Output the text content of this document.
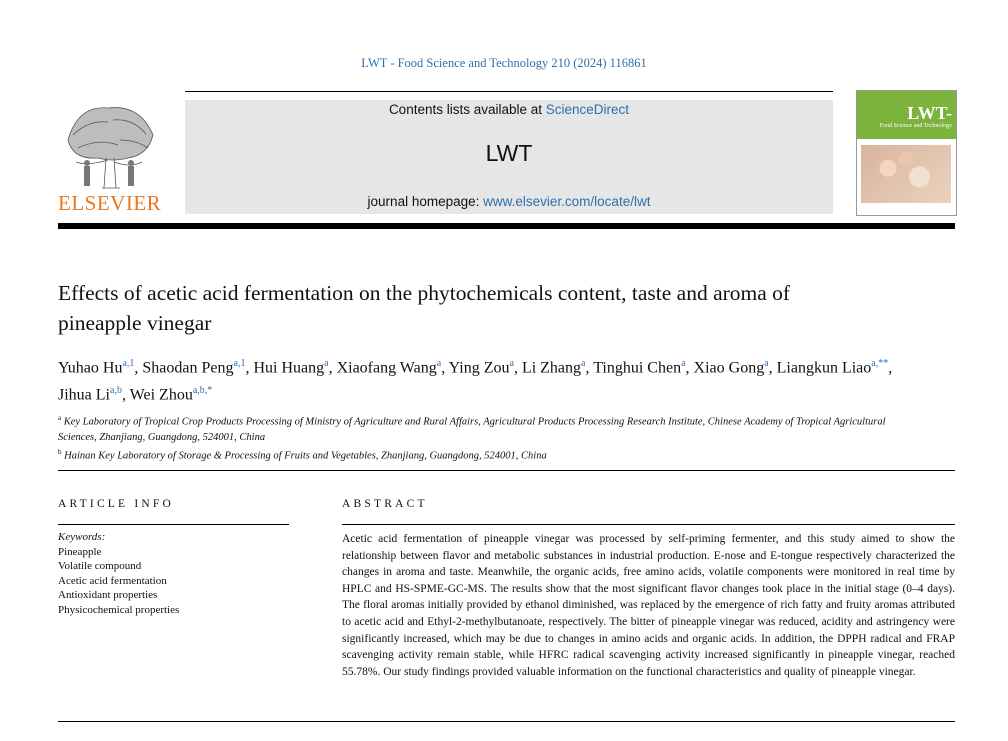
LWT - Food Science and Technology 210 (2024) 116861
ELSEVIER
Contents lists available at ScienceDirect
LWT
journal homepage: www.elsevier.com/locate/lwt
LWT-
Food Science and Technology
Effects of acetic acid fermentation on the phytochemicals content, taste and aroma of pineapple vinegar
Yuhao Hu$^{a,1}$, Shaodan Peng$^{a,1}$, Hui Huang$^a$, Xiaofang Wang$^a$, Ying Zou$^a$, Li Zhang$^a$, Tinghui Chen$^a$, Xiao Gong$^a$, Liangkun Liao$^{a,**}$, Jihua Li$^{a,b}$, Wei Zhou$^{a,b,*}$
$^a$ Key Laboratory of Tropical Crop Products Processing of Ministry of Agriculture and Rural Affairs, Agricultural Products Processing Research Institute, Chinese Academy of Tropical Agricultural Sciences, Zhanjiang, Guangdong, 524001, China
$^b$ Hainan Key Laboratory of Storage & Processing of Fruits and Vegetables, Zhanjiang, Guangdong, 524001, China
ARTICLE INFO	ABSTRACT
Keywords:
Pineapple
Volatile compound
Acetic acid fermentation
Antioxidant properties
Physicochemical properties
Acetic acid fermentation of pineapple vinegar was processed by self-priming fermenter, and this study aimed to show the relationship between flavor and metabolic substances in industrial production. E-nose and E-tongue respectively characterized the changes in aroma and taste. Meanwhile, the organic acids, free amino acids, volatile components were monitored in real time by HPLC and HS-SPME-GC-MS. The results show that the most significant flavor changes took place in the initial stage (0–4 days). The floral aromas initially provided by ethanol diminished, was replaced by the emergence of rich fatty and fruity aromas attributed to acetic acid and Ethyl-2-methylbutanoate, respectively. The bitter of pineapple vinegar was reduced, acidity and astringency were significantly increased, which may be due to changes in amino acids and organic acids. In addition, the DPPH radical and FRAP scavenging activity remain stable, while HFRC radical scavenging activity increased significantly in pineapple vinegar, reached 55.78%. Our study findings provided valuable information on the functional characteristics and quality of pineapple vinegar.
